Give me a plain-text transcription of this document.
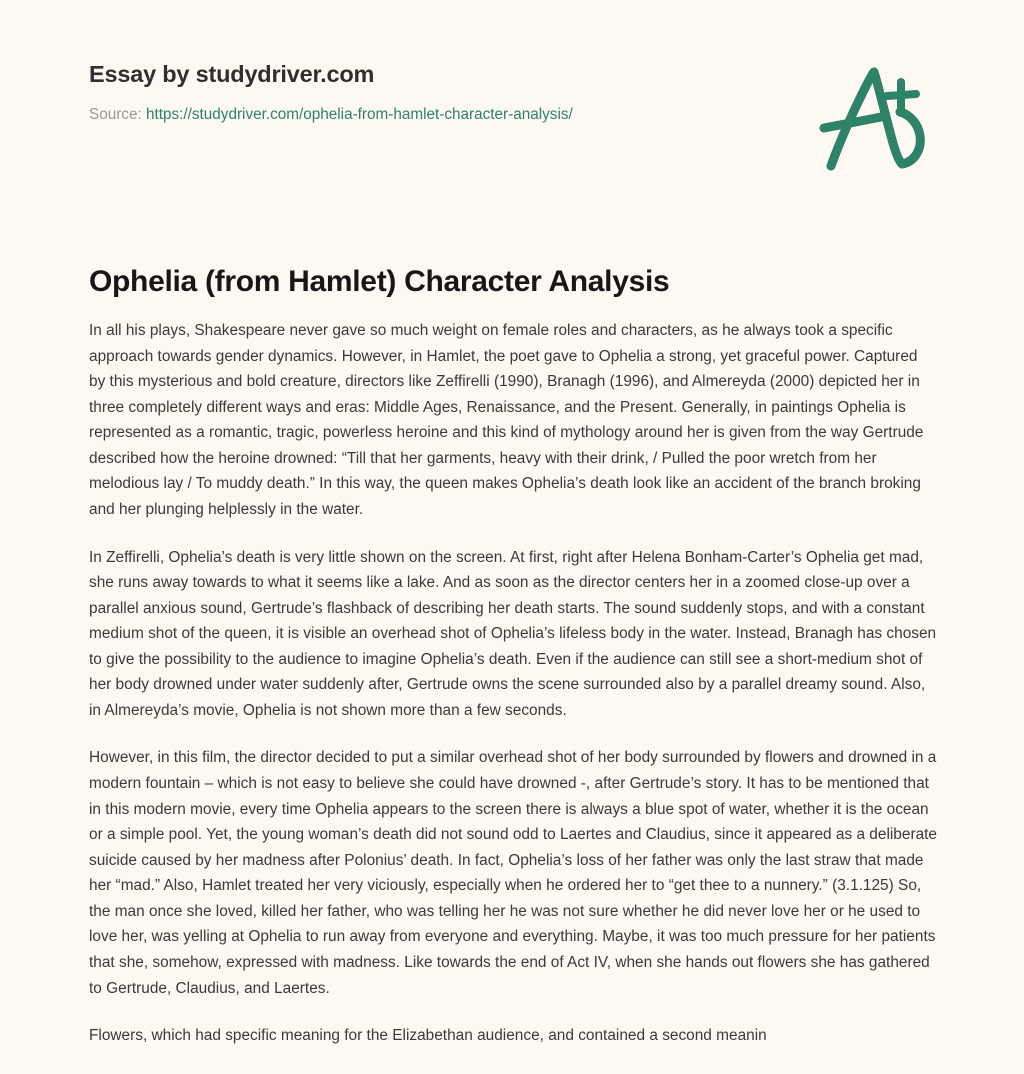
Essay by studydriver.com
Source: https://studydriver.com/ophelia-from-hamlet-character-analysis/
Ophelia (from Hamlet) Character Analysis

In all his plays, Shakespeare never gave so much weight on female roles and characters, as he always took a specific approach towards gender dynamics. However, in Hamlet, the poet gave to Ophelia a strong, yet graceful power. Captured by this mysterious and bold creature, directors like Zeffirelli (1990), Branagh (1996), and Almereyda (2000) depicted her in three completely different ways and eras: Middle Ages, Renaissance, and the Present. Generally, in paintings Ophelia is represented as a romantic, tragic, powerless heroine and this kind of mythology around her is given from the way Gertrude described how the heroine drowned: “Till that her garments, heavy with their drink, / Pulled the poor wretch from her melodious lay / To muddy death.” In this way, the queen makes Ophelia’s death look like an accident of the branch broking and her plunging helplessly in the water.

In Zeffirelli, Ophelia’s death is very little shown on the screen. At first, right after Helena Bonham-Carter’s Ophelia get mad, she runs away towards to what it seems like a lake. And as soon as the director centers her in a zoomed close-up over a parallel anxious sound, Gertrude’s flashback of describing her death starts. The sound suddenly stops, and with a constant medium shot of the queen, it is visible an overhead shot of Ophelia’s lifeless body in the water. Instead, Branagh has chosen to give the possibility to the audience to imagine Ophelia’s death. Even if the audience can still see a short-medium shot of her body drowned under water suddenly after, Gertrude owns the scene surrounded also by a parallel dreamy sound. Also, in Almereyda’s movie, Ophelia is not shown more than a few seconds.

However, in this film, the director decided to put a similar overhead shot of her body surrounded by flowers and drowned in a modern fountain – which is not easy to believe she could have drowned -, after Gertrude’s story. It has to be mentioned that in this modern movie, every time Ophelia appears to the screen there is always a blue spot of water, whether it is the ocean or a simple pool. Yet, the young woman’s death did not sound odd to Laertes and Claudius, since it appeared as a deliberate suicide caused by her madness after Polonius’ death. In fact, Ophelia’s loss of her father was only the last straw that made her “mad.” Also, Hamlet treated her very viciously, especially when he ordered her to “get thee to a nunnery.” (3.1.125) So, the man once she loved, killed her father, who was telling her he was not sure whether he did never love her or he used to love her, was yelling at Ophelia to run away from everyone and everything. Maybe, it was too much pressure for her patients that she, somehow, expressed with madness. Like towards the end of Act IV, when she hands out flowers she has gathered to Gertrude, Claudius, and Laertes.

Flowers, which had specific meaning for the Elizabethan audience, and contained a second meanin
